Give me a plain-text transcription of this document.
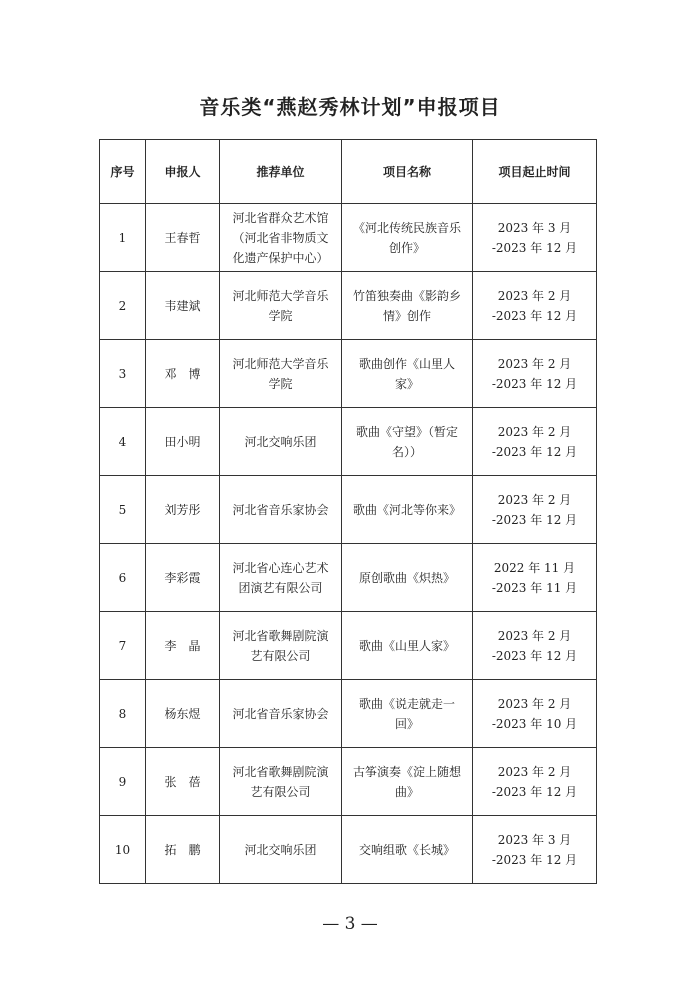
音乐类“燕赵秀林计划”申报项目
序号	申报人	推荐单位	项目名称	项目起止时间
1	王春哲	河北省群众艺术馆（河北省非物质文化遗产保护中心）	《河北传统民族音乐创作》	2023 年 3 月
-2023 年 12 月

2	韦建斌	河北师范大学音乐学院	竹笛独奏曲《影韵乡情》创作	2023 年 2 月
-2023 年 12 月

3	邓　博	河北师范大学音乐学院	歌曲创作《山里人家》	2023 年 2 月
-2023 年 12 月

4	田小明	河北交响乐团	歌曲《守望》（暂定名））	2023 年 2 月
-2023 年 12 月

5	刘芳彤	河北省音乐家协会	歌曲《河北等你来》	2023 年 2 月
-2023 年 12 月

6	李彩霞	河北省心连心艺术团演艺有限公司	原创歌曲《炽热》	2022 年 11 月
-2023 年 11 月

7	李　晶	河北省歌舞剧院演艺有限公司	歌曲《山里人家》	2023 年 2 月
-2023 年 12 月

8	杨东煜	河北省音乐家协会	歌曲《说走就走一回》	2023 年 2 月
-2023 年 10 月

9	张　蓓	河北省歌舞剧院演艺有限公司	古筝演奏《淀上随想曲》	2023 年 2 月
-2023 年 12 月

10	拓　鹏	河北交响乐团	交响组歌《长城》	2023 年 3 月
-2023 年 12 月
— 3 —
